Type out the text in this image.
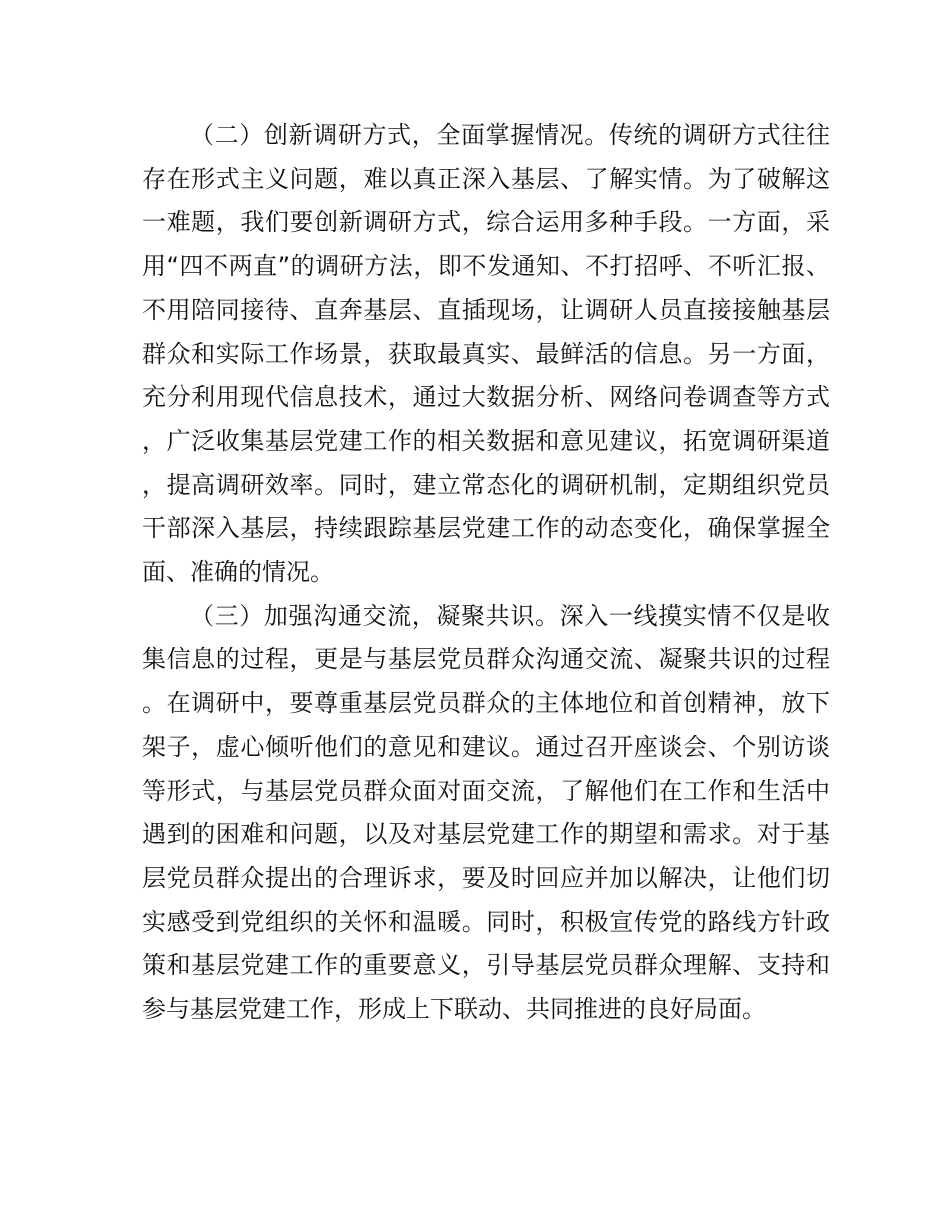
（二）创新调研方式，全面掌握情况。传统的调研方式往往存在形式主义问题，难以真正深入基层、了解实情。为了破解这一难题，我们要创新调研方式，综合运用多种手段。一方面，采用“四不两直”的调研方法，即不发通知、不打招呼、不听汇报、不用陪同接待、直奔基层、直插现场，让调研人员直接接触基层群众和实际工作场景，获取最真实、最鲜活的信息。另一方面，充分利用现代信息技术，通过大数据分析、网络问卷调查等方式，广泛收集基层党建工作的相关数据和意见建议，拓宽调研渠道，提高调研效率。同时，建立常态化的调研机制，定期组织党员干部深入基层，持续跟踪基层党建工作的动态变化，确保掌握全面、准确的情况。

（三）加强沟通交流，凝聚共识。深入一线摸实情不仅是收集信息的过程，更是与基层党员群众沟通交流、凝聚共识的过程。在调研中，要尊重基层党员群众的主体地位和首创精神，放下架子，虚心倾听他们的意见和建议。通过召开座谈会、个别访谈等形式，与基层党员群众面对面交流，了解他们在工作和生活中遇到的困难和问题，以及对基层党建工作的期望和需求。对于基层党员群众提出的合理诉求，要及时回应并加以解决，让他们切实感受到党组织的关怀和温暖。同时，积极宣传党的路线方针政策和基层党建工作的重要意义，引导基层党员群众理解、支持和参与基层党建工作，形成上下联动、共同推进的良好局面。
